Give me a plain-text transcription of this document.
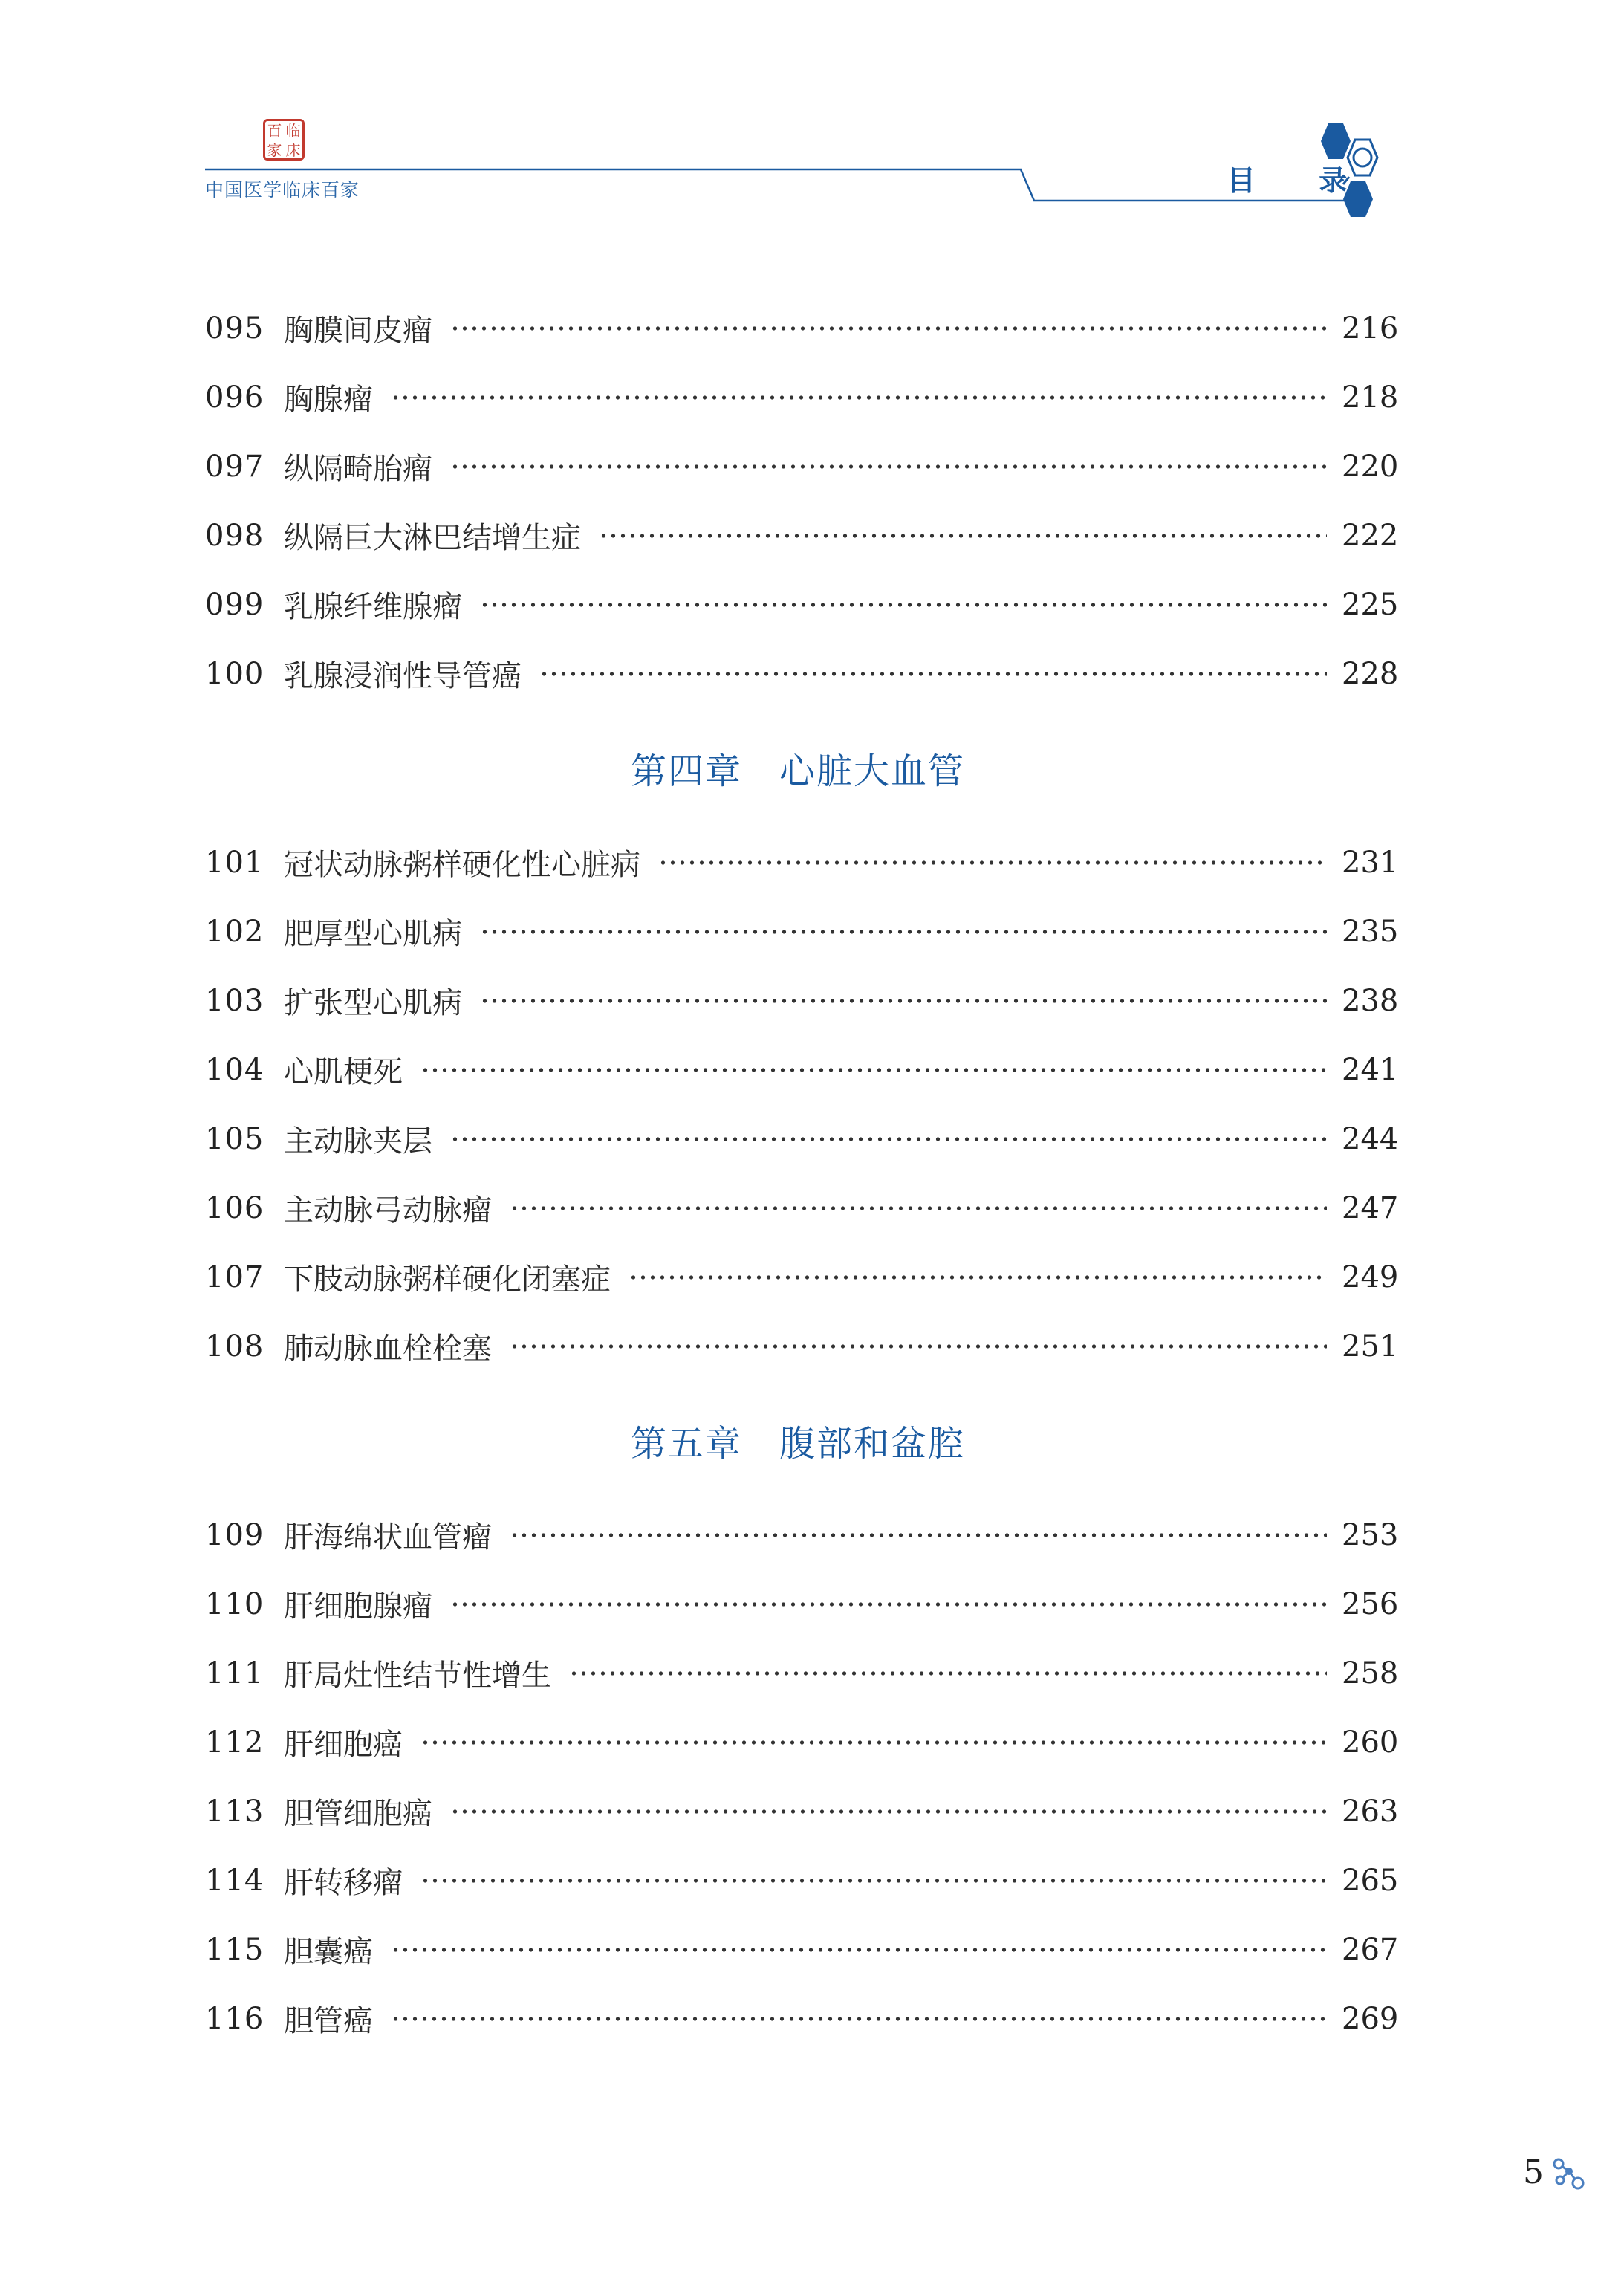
百 临
家 床
中国医学临床百家	目 录
095 胸膜间皮瘤	216
096 胸腺瘤	218
097 纵隔畸胎瘤	220
098 纵隔巨大淋巴结增生症	222
099 乳腺纤维腺瘤	225
100 乳腺浸润性导管癌	228
第四章 心脏大血管
101 冠状动脉粥样硬化性心脏病	231
102 肥厚型心肌病	235
103 扩张型心肌病	238
104 心肌梗死	241
105 主动脉夹层	244
106 主动脉弓动脉瘤	247
107 下肢动脉粥样硬化闭塞症	249
108 肺动脉血栓栓塞	251
第五章 腹部和盆腔
109 肝海绵状血管瘤	253
110 肝细胞腺瘤	256
111 肝局灶性结节性增生	258
112 肝细胞癌	260
113 胆管细胞癌	263
114 肝转移瘤	265
115 胆囊癌	267
116 胆管癌	269
5
